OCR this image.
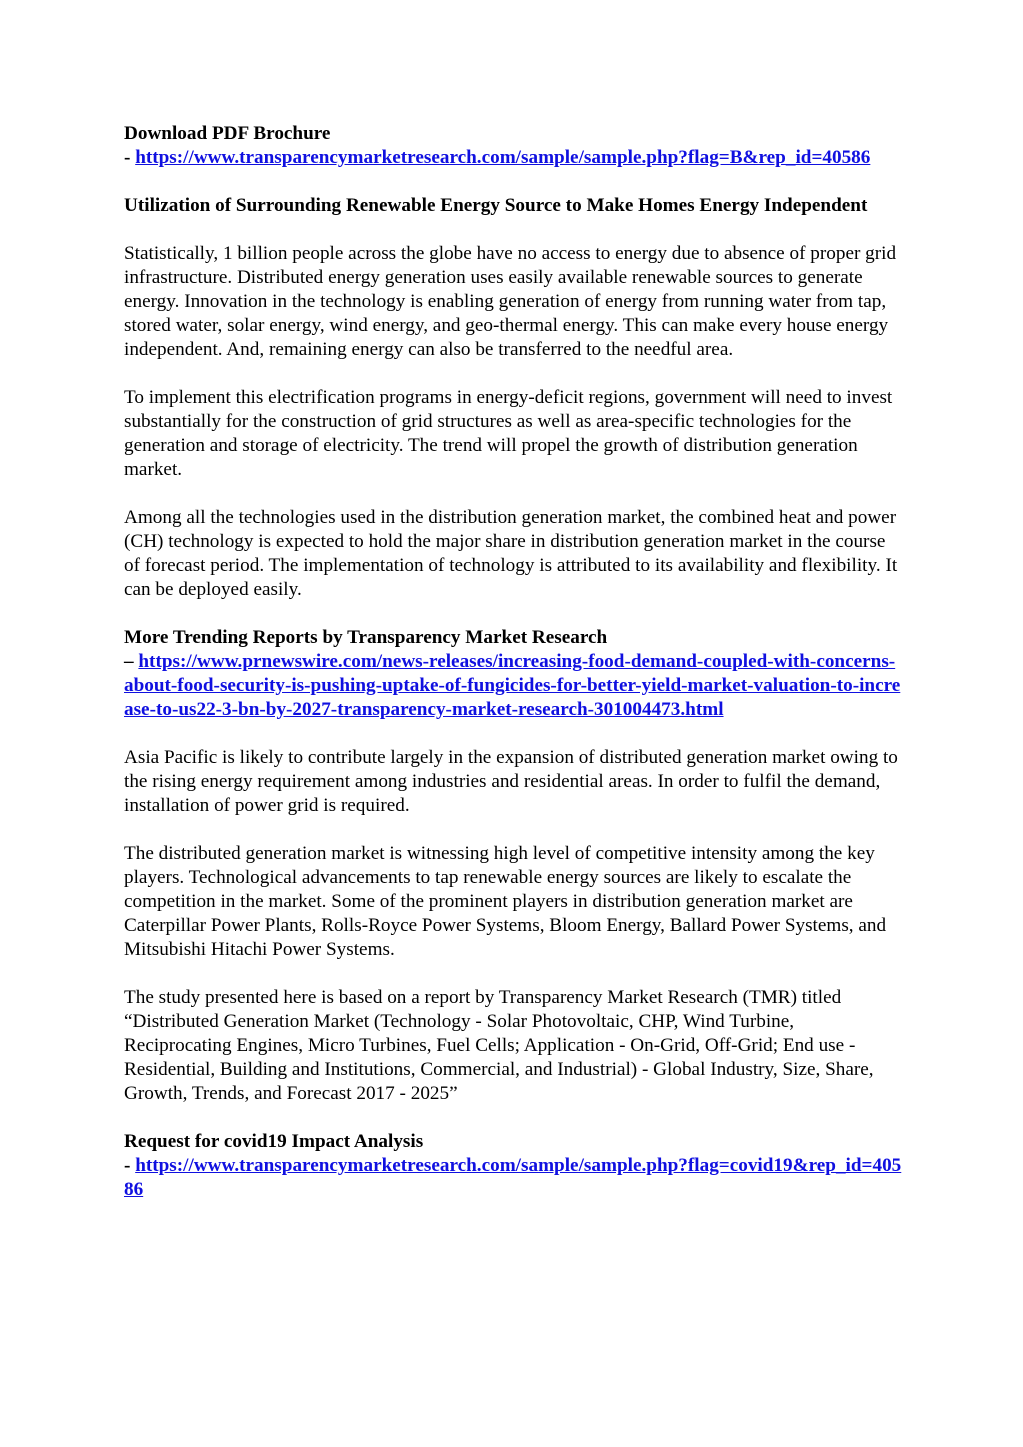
Download PDF Brochure
- https://www.transparencymarketresearch.com/sample/sample.php?flag=B&rep_id=40586
Utilization of Surrounding Renewable Energy Source to Make Homes Energy Independent

Statistically, 1 billion people across the globe have no access to energy due to absence of proper grid infrastructure. Distributed energy generation uses easily available renewable sources to generate energy. Innovation in the technology is enabling generation of energy from running water from tap, stored water, solar energy, wind energy, and geo-thermal energy. This can make every house energy independent. And, remaining energy can also be transferred to the needful area.

To implement this electrification programs in energy-deficit regions, government will need to invest substantially for the construction of grid structures as well as area-specific technologies for the generation and storage of electricity. The trend will propel the growth of distribution generation market.

Among all the technologies used in the distribution generation market, the combined heat and power (CH) technology is expected to hold the major share in distribution generation market in the course of forecast period. The implementation of technology is attributed to its availability and flexibility. It can be deployed easily.

More Trending Reports by Transparency Market Research
– https://www.prnewswire.com/news-releases/increasing-food-demand-coupled-with-concerns-about-food-security-is-pushing-uptake-of-fungicides-for-better-yield-market-valuation-to-increase-to-us22-3-bn-by-2027-transparency-market-research-301004473.html

Asia Pacific is likely to contribute largely in the expansion of distributed generation market owing to the rising energy requirement among industries and residential areas. In order to fulfil the demand, installation of power grid is required.

The distributed generation market is witnessing high level of competitive intensity among the key players. Technological advancements to tap renewable energy sources are likely to escalate the competition in the market. Some of the prominent players in distribution generation market are Caterpillar Power Plants, Rolls-Royce Power Systems, Bloom Energy, Ballard Power Systems, and Mitsubishi Hitachi Power Systems.

The study presented here is based on a report by Transparency Market Research (TMR) titled “Distributed Generation Market (Technology - Solar Photovoltaic, CHP, Wind Turbine, Reciprocating Engines, Micro Turbines, Fuel Cells; Application - On-Grid, Off-Grid; End use - Residential, Building and Institutions, Commercial, and Industrial) - Global Industry, Size, Share, Growth, Trends, and Forecast 2017 - 2025”

Request for covid19 Impact Analysis
- https://www.transparencymarketresearch.com/sample/sample.php?flag=covid19&rep_id=40586
